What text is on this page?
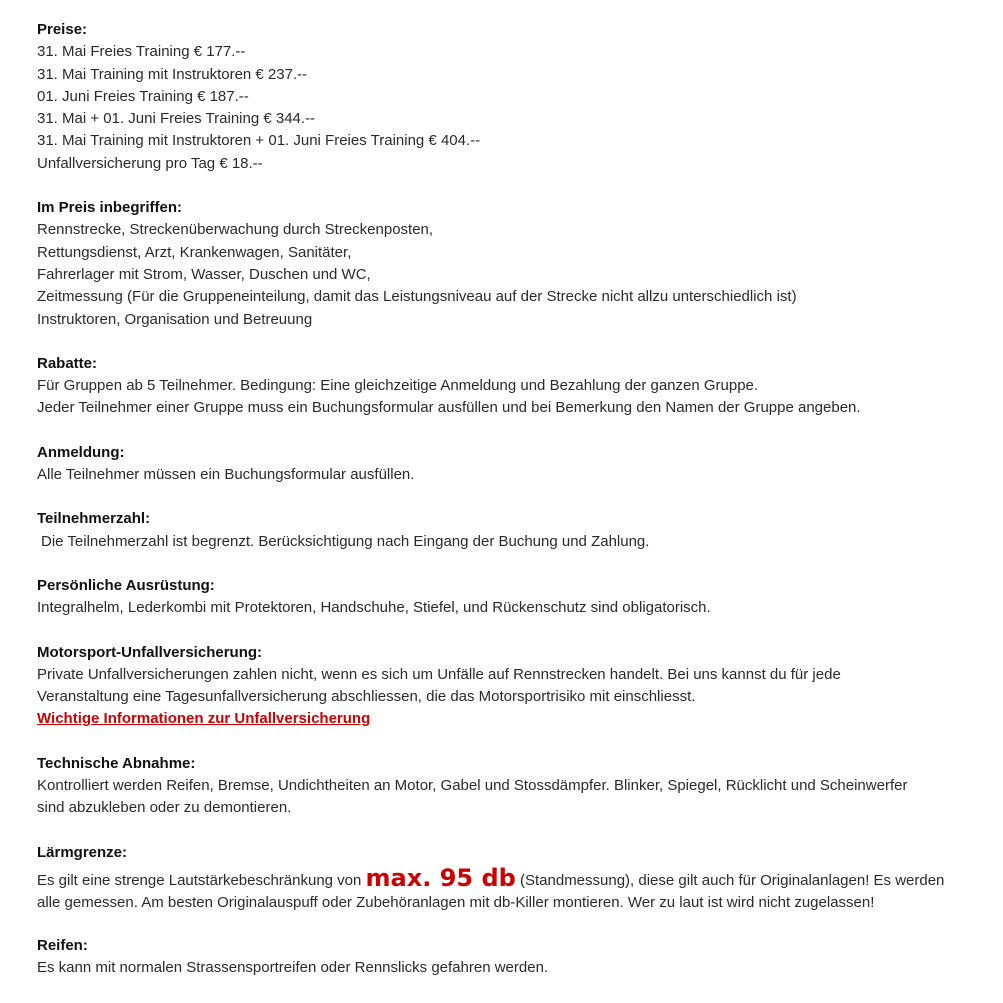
Preise:
31. Mai Freies Training € 177.--
31. Mai Training mit Instruktoren € 237.--
01. Juni Freies Training € 187.--
31. Mai + 01. Juni Freies Training € 344.--
31. Mai Training mit Instruktoren + 01. Juni Freies Training € 404.--
Unfallversicherung pro Tag € 18.--
Im Preis inbegriffen:
Rennstrecke, Streckenüberwachung durch Streckenposten,
Rettungsdienst, Arzt, Krankenwagen, Sanitäter,
Fahrerlager mit Strom, Wasser, Duschen und WC,
Zeitmessung (Für die Gruppeneinteilung, damit das Leistungsniveau auf der Strecke nicht allzu unterschiedlich ist)
Instruktoren, Organisation und Betreuung
Rabatte:
Für Gruppen ab 5 Teilnehmer. Bedingung: Eine gleichzeitige Anmeldung und Bezahlung der ganzen Gruppe.
Jeder Teilnehmer einer Gruppe muss ein Buchungsformular ausfüllen und bei Bemerkung den Namen der Gruppe angeben.
Anmeldung:
Alle Teilnehmer müssen ein Buchungsformular ausfüllen.
Teilnehmerzahl:
Die Teilnehmerzahl ist begrenzt. Berücksichtigung nach Eingang der Buchung und Zahlung.
Persönliche Ausrüstung:
Integralhelm, Lederkombi mit Protektoren, Handschuhe, Stiefel, und Rückenschutz sind obligatorisch.
Motorsport-Unfallversicherung:
Private Unfallversicherungen zahlen nicht, wenn es sich um Unfälle auf Rennstrecken handelt. Bei uns kannst du für jede
Veranstaltung eine Tagesunfallversicherung abschliessen, die das Motorsportrisiko mit einschliesst.
Wichtige Informationen zur Unfallversicherung
Technische Abnahme:
Kontrolliert werden Reifen, Bremse, Undichtheiten an Motor, Gabel und Stossdämpfer. Blinker, Spiegel, Rücklicht und Scheinwerfer
sind abzukleben oder zu demontieren.
Lärmgrenze:
Es gilt eine strenge Lautstärkebeschränkung von max. 95 db (Standmessung), diese gilt auch für Originalanlagen! Es werden
alle gemessen. Am besten Originalauspuff oder Zubehöranlagen mit db-Killer montieren. Wer zu laut ist wird nicht zugelassen!
Reifen:
Es kann mit normalen Strassensportreifen oder Rennslicks gefahren werden.
